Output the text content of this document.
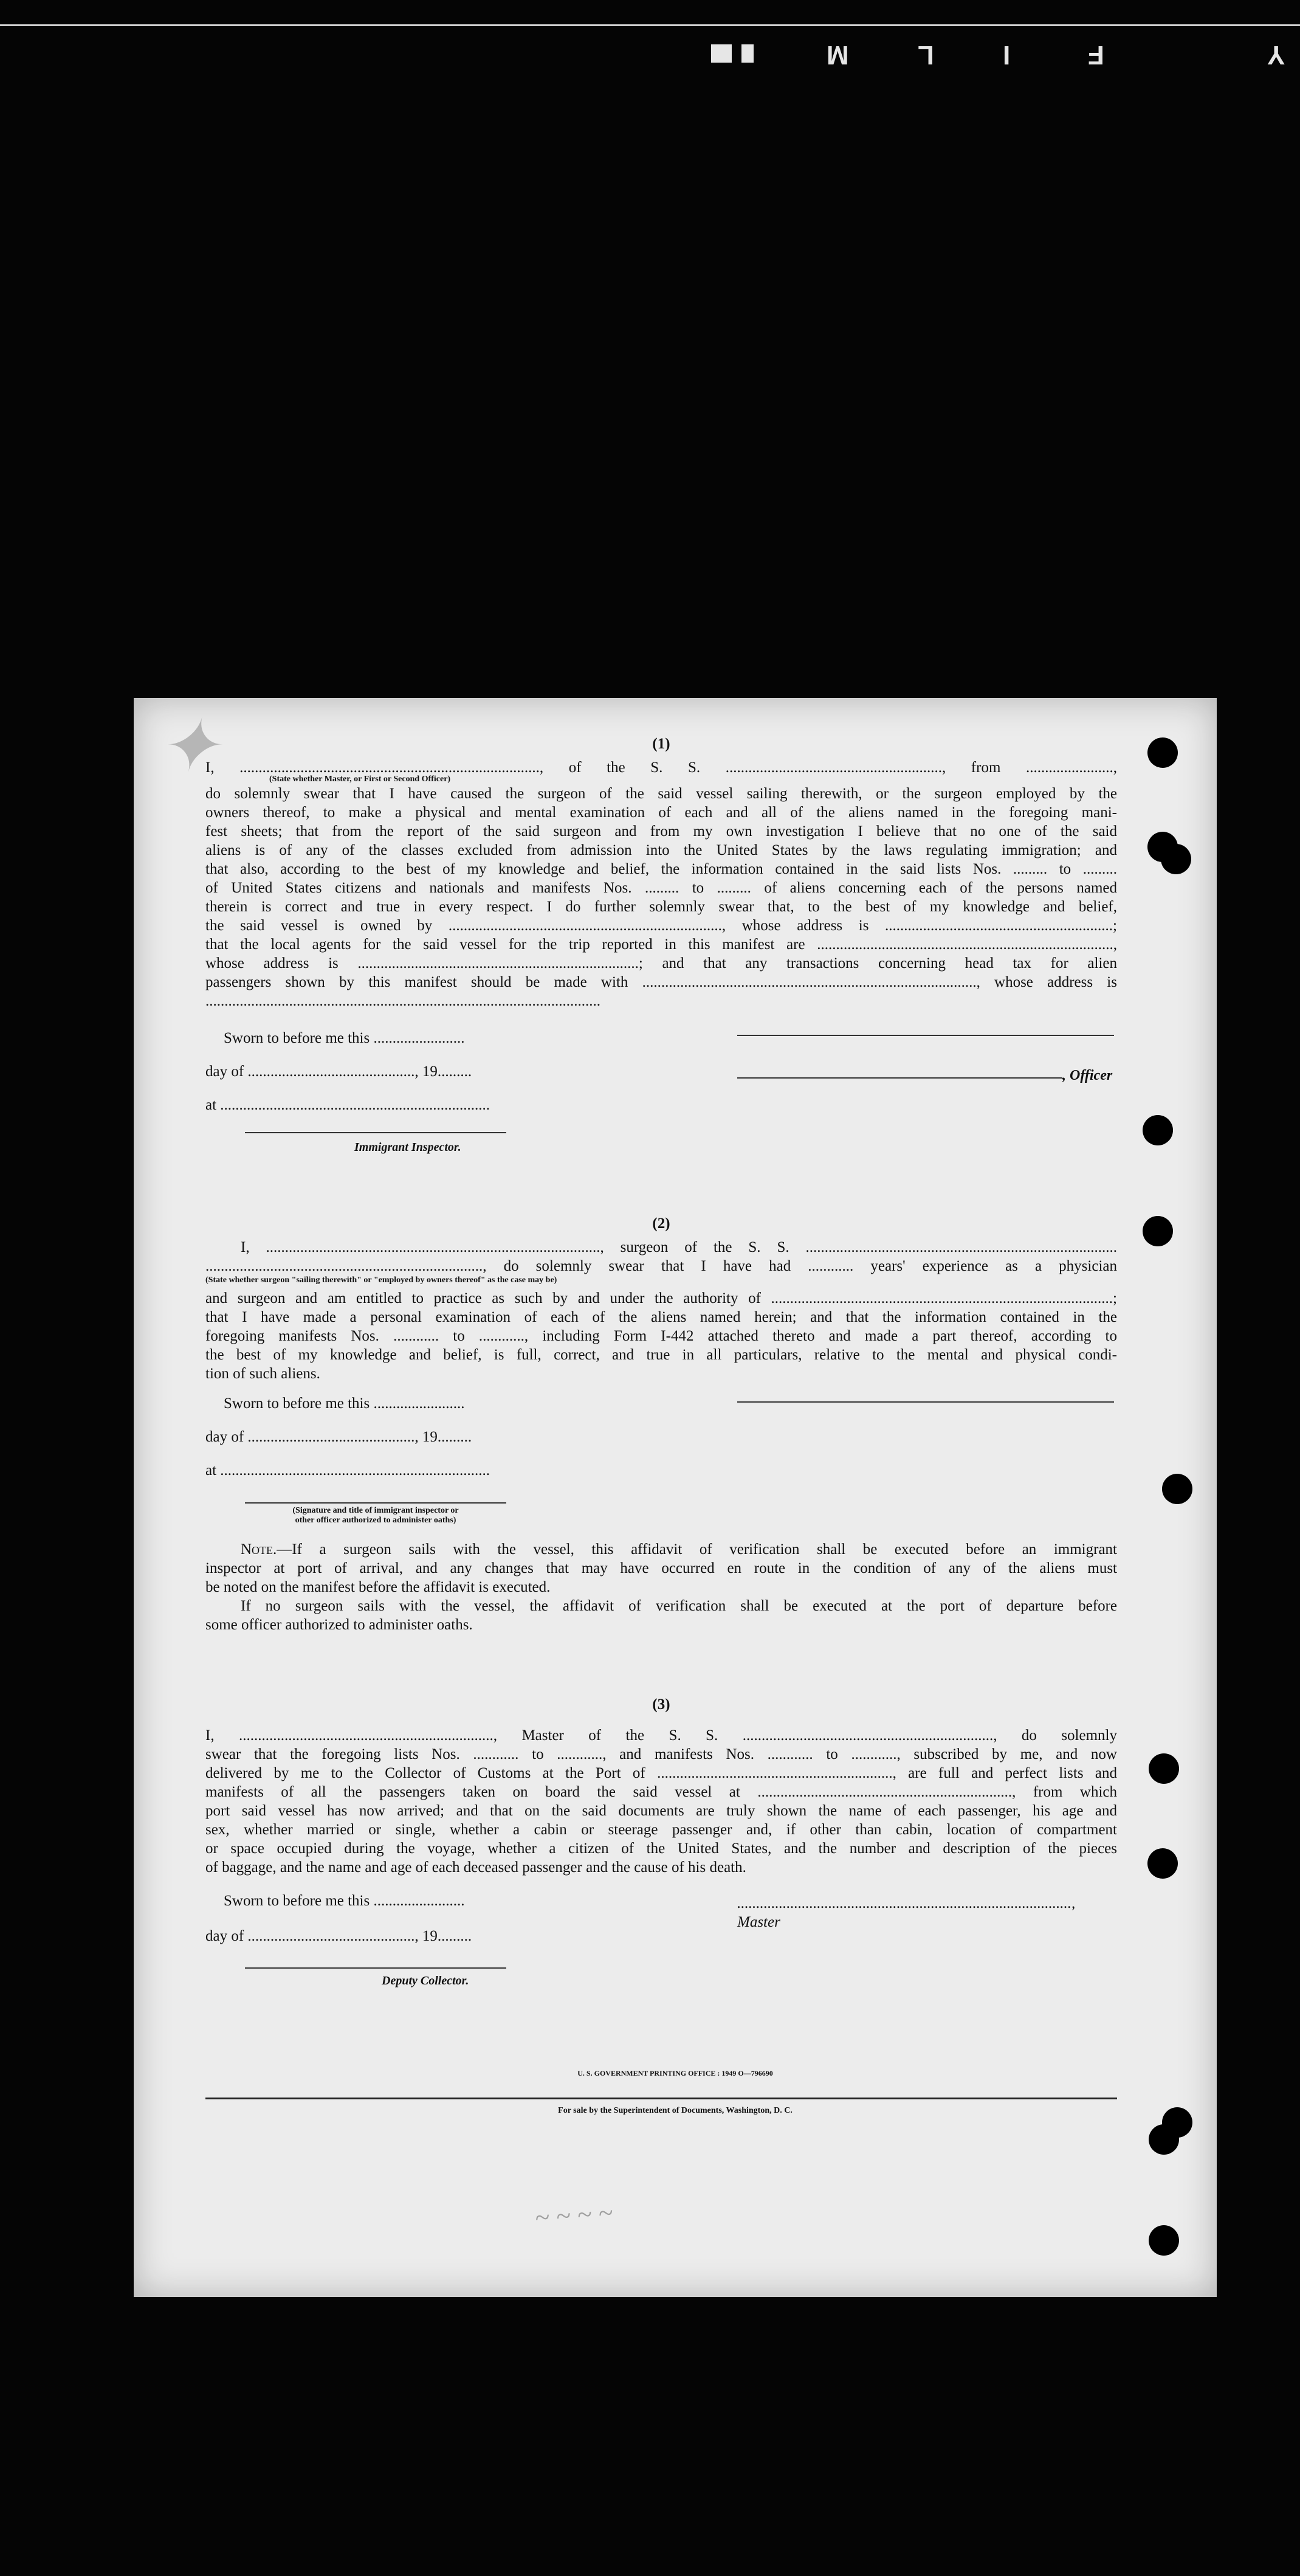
Y
F
I
L
M
✦	(1)
I, ..............................................................................., of the S. S. ........................................................., from .......................,
(State whether Master, or First or Second Officer)
do solemnly swear that I have caused the surgeon of the said vessel sailing therewith, or the surgeon employed by the
owners thereof, to make a physical and mental examination of each and all of the aliens named in the foregoing mani-
fest sheets; that from the report of the said surgeon and from my own investigation I believe that no one of the said
aliens is of any of the classes excluded from admission into the United States by the laws regulating immigration; and
that also, according to the best of my knowledge and belief, the information contained in the said lists Nos. ......... to .........
of United States citizens and nationals and manifests Nos. ......... to ......... of aliens concerning each of the persons named
therein is correct and true in every respect. I do further solemnly swear that, to the best of my knowledge and belief,
the said vessel is owned by ........................................................................, whose address is ............................................................;
that the local agents for the said vessel for the trip reported in this manifest are ..............................................................................,
whose address is ..........................................................................; and that any transactions concerning head tax for alien
passengers shown by this manifest should be made with ........................................................................................, whose address is
........................................................................................................
Sworn to before me this ........................
day of ............................................, 19.........
at .......................................................................
Immigrant Inspector.
, Officer
(2)
I, ........................................................................................, surgeon of the S. S. ..................................................................................
........................................................................., do solemnly swear that I have had ............ years' experience as a physician
(State whether surgeon "sailing therewith" or "employed by owners thereof" as the case may be)
and surgeon and am entitled to practice as such by and under the authority of ..........................................................................................;
that I have made a personal examination of each of the aliens named herein; and that the information contained in the
foregoing manifests Nos. ............ to ............, including Form I-442 attached thereto and made a part thereof, according to
the best of my knowledge and belief, is full, correct, and true in all particulars, relative to the mental and physical condi-
tion of such aliens.
Sworn to before me this ........................
day of ............................................, 19.........
at .......................................................................
(Signature and title of immigrant inspector or
other officer authorized to administer oaths)
Note.—If a surgeon sails with the vessel, this affidavit of verification shall be executed before an immigrant
inspector at port of arrival, and any changes that may have occurred en route in the condition of any of the aliens must
be noted on the manifest before the affidavit is executed.
If no surgeon sails with the vessel, the affidavit of verification shall be executed at the port of departure before
some officer authorized to administer oaths.
(3)
I, ..................................................................., Master of the S. S. .................................................................., do solemnly
swear that the foregoing lists Nos. ............ to ............, and manifests Nos. ............ to ............, subscribed by me, and now
delivered by me to the Collector of Customs at the Port of .............................................................., are full and perfect lists and
manifests of all the passengers taken on board the said vessel at ..................................................................., from which
port said vessel has now arrived; and that on the said documents are truly shown the name of each passenger, his age and
sex, whether married or single, whether a cabin or steerage passenger and, if other than cabin, location of compartment
or space occupied during the voyage, whether a citizen of the United States, and the number and description of the pieces
of baggage, and the name and age of each deceased passenger and the cause of his death.
Sworn to before me this ........................
day of ............................................, 19.........
Deputy Collector.
........................................................................................, Master
U. S. GOVERNMENT PRINTING OFFICE : 1949 O—796690
For sale by the Superintendent of Documents, Washington, D. C.
~ ~ ~ ~
